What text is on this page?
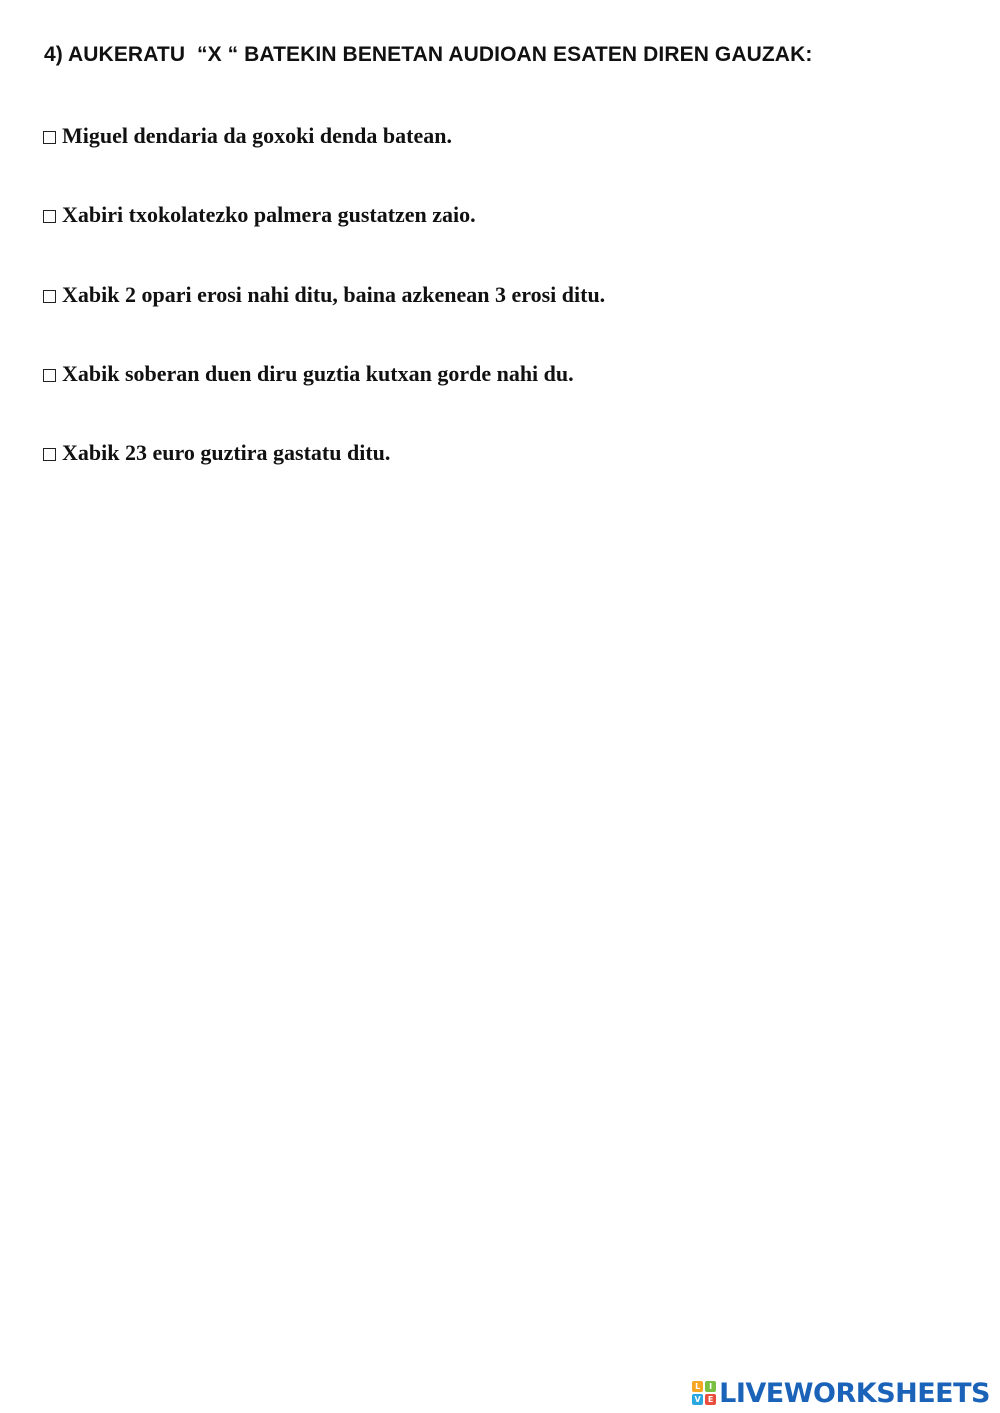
4) AUKERATU  “X “ BATEKIN BENETAN AUDIOAN ESATEN DIREN GAUZAK:
Miguel dendaria da goxoki denda batean.
Xabiri txokolatezko palmera gustatzen zaio.
Xabik 2 opari erosi nahi ditu, baina azkenean 3 erosi ditu.
Xabik soberan duen diru guztia kutxan gorde nahi du.
Xabik 23 euro guztira gastatu ditu.
L	I
V E LIVEWORKSHEETS
